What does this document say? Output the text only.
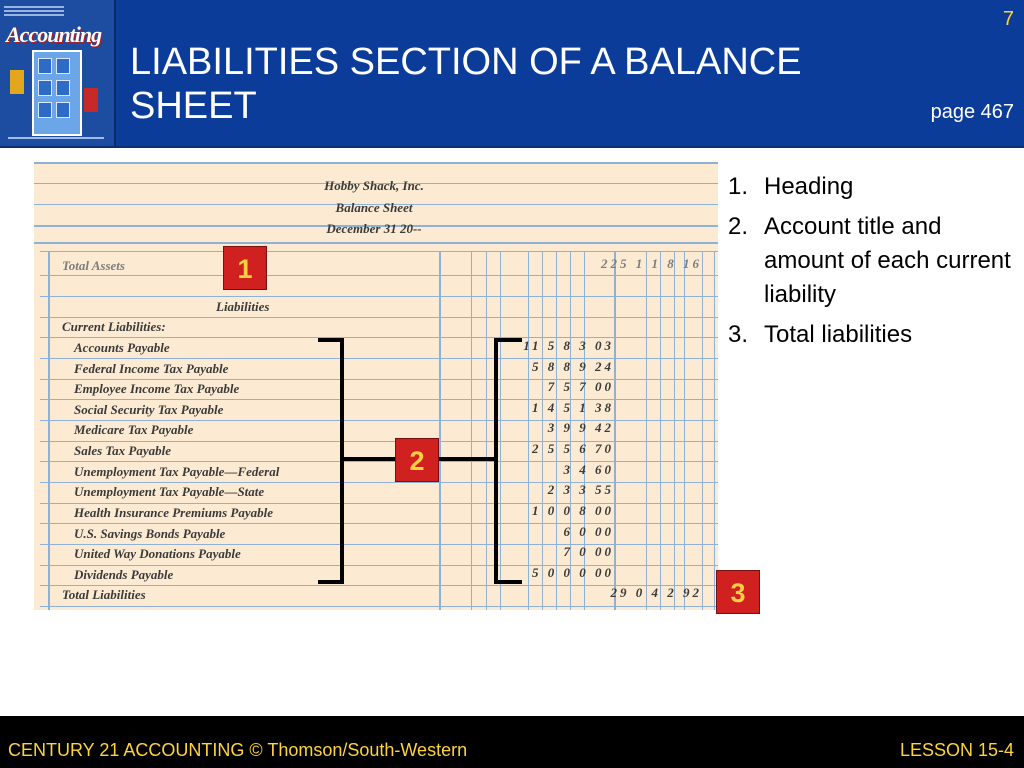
Accounting
LIABILITIES SECTION OF A BALANCE SHEET
7
page 467
Hobby Shack, Inc.
Balance Sheet
December 31 20--
Total Assets	225 1 1 8 16
Liabilities
Current Liabilities:
Accounts Payable	11 5 8 3 03
Federal Income Tax Payable	5 8 8 9 24
Employee Income Tax Payable	7 5 7 00
Social Security Tax Payable	1 4 5 1 38
Medicare Tax Payable	3 9 9 42
Sales Tax Payable	2 5 5 6 70
Unemployment Tax Payable—Federal	3 4 60
Unemployment Tax Payable—State	2 3 3 55
Health Insurance Premiums Payable	1 0 0 8 00
U.S. Savings Bonds Payable	6 0 00
United Way Donations Payable	7 0 00
Dividends Payable	5 0 0 0 00
Total Liabilities	29 0 4 2 92
1
2
3
1. Heading
2. Account title and amount of each current liability
3. Total liabilities
CENTURY 21 ACCOUNTING © Thomson/South-Western	LESSON 15-4
